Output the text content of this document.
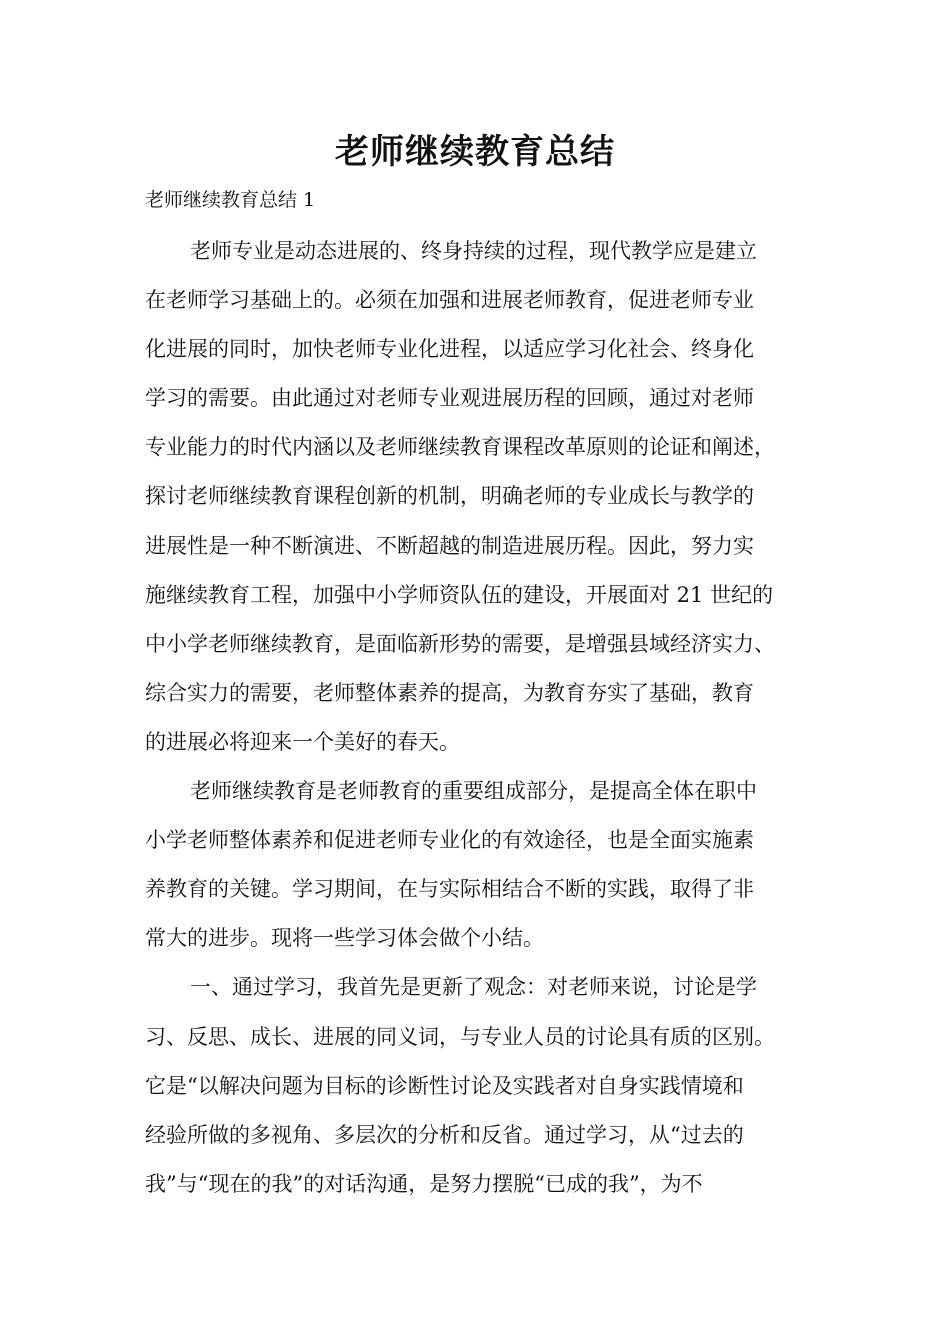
老师继续教育总结
老师继续教育总结 1
老师专业是动态进展的、终身持续的过程，现代教学应是建立
在老师学习基础上的。必须在加强和进展老师教育，促进老师专业
化进展的同时，加快老师专业化进程，以适应学习化社会、终身化
学习的需要。由此通过对老师专业观进展历程的回顾，通过对老师
专业能力的时代内涵以及老师继续教育课程改革原则的论证和阐述，
探讨老师继续教育课程创新的机制，明确老师的专业成长与教学的
进展性是一种不断演进、不断超越的制造进展历程。因此，努力实
施继续教育工程，加强中小学师资队伍的建设，开展面对 21 世纪的
中小学老师继续教育，是面临新形势的需要，是增强县域经济实力、
综合实力的需要，老师整体素养的提高，为教育夯实了基础，教育
的进展必将迎来一个美好的春天。
老师继续教育是老师教育的重要组成部分，是提高全体在职中
小学老师整体素养和促进老师专业化的有效途径，也是全面实施素
养教育的关键。学习期间，在与实际相结合不断的实践，取得了非
常大的进步。现将一些学习体会做个小结。
一、通过学习，我首先是更新了观念：对老师来说，讨论是学
习、反思、成长、进展的同义词，与专业人员的讨论具有质的区别。
它是“以解决问题为目标的诊断性讨论及实践者对自身实践情境和
经验所做的多视角、多层次的分析和反省。通过学习，从“过去的
我”与“现在的我”的对话沟通，是努力摆脱“已成的我”，为不
